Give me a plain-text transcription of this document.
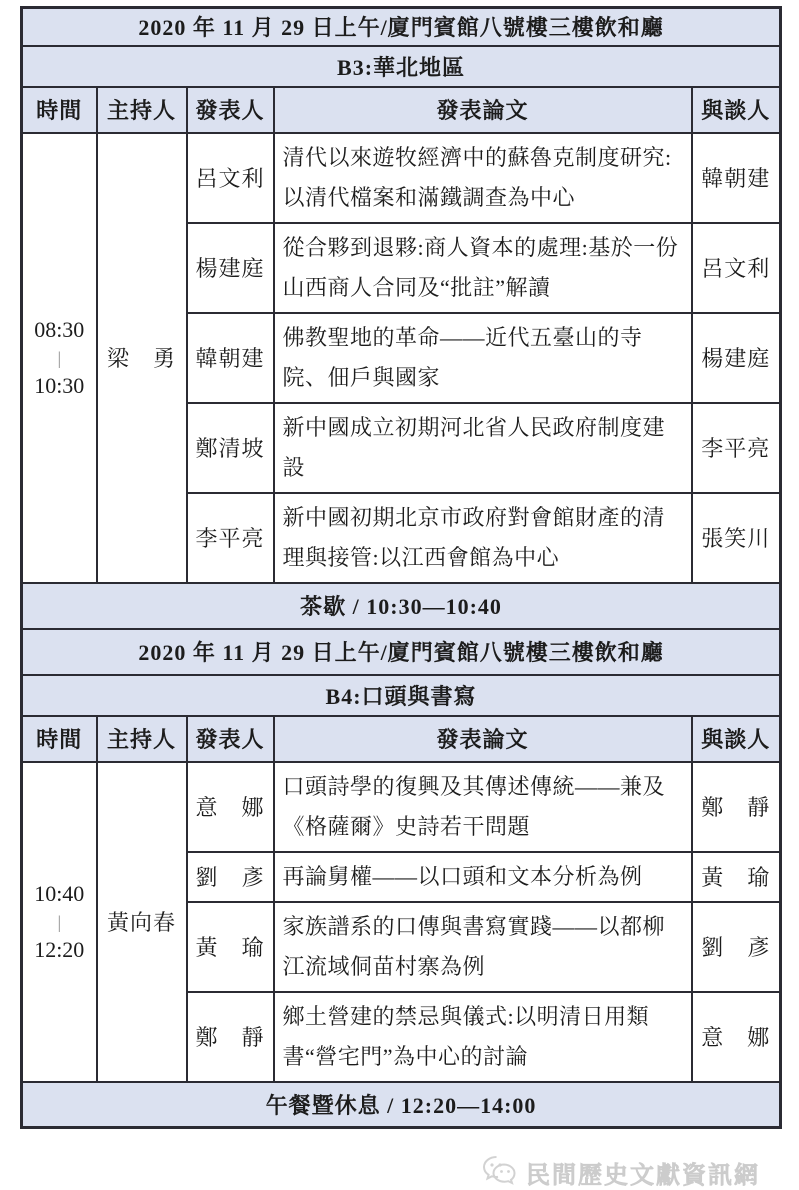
2020 年 11 月 29 日上午/廈門賓館八號樓三樓飲和廳				
B3:華北地區				
時間	主持人	發表人	發表論文	與談人

08:30
|
10:30	梁　勇	呂文利	清代以來遊牧經濟中的蘇魯克制度研究:以清代檔案和滿鐵調查為中心	韓朝建
		楊建庭	從合夥到退夥:商人資本的處理:基於一份山西商人合同及“批註”解讀	呂文利
		韓朝建	佛教聖地的革命——近代五臺山的寺院、佃戶與國家	楊建庭
		鄭清坡	新中國成立初期河北省人民政府制度建設	李平亮
		李平亮	新中國初期北京市政府對會館財產的清理與接管:以江西會館為中心	張笑川
茶歇 / 10:30—10:40				
2020 年 11 月 29 日上午/廈門賓館八號樓三樓飲和廳				
B4:口頭與書寫				
時間	主持人	發表人	發表論文	與談人

10:40
|
12:20	黃向春	意　娜	口頭詩學的復興及其傳述傳統——兼及《格薩爾》史詩若干問題	鄭　靜
		劉　彥	再論舅權——以口頭和文本分析為例	黃　瑜
		黃　瑜	家族譜系的口傳與書寫實踐——以都柳江流域侗苗村寨為例	劉　彥
		鄭　靜	鄉土營建的禁忌與儀式:以明清日用類書“營宅門”為中心的討論	意　娜
午餐暨休息 / 12:20—14:00				
民間歷史文獻資訊網
